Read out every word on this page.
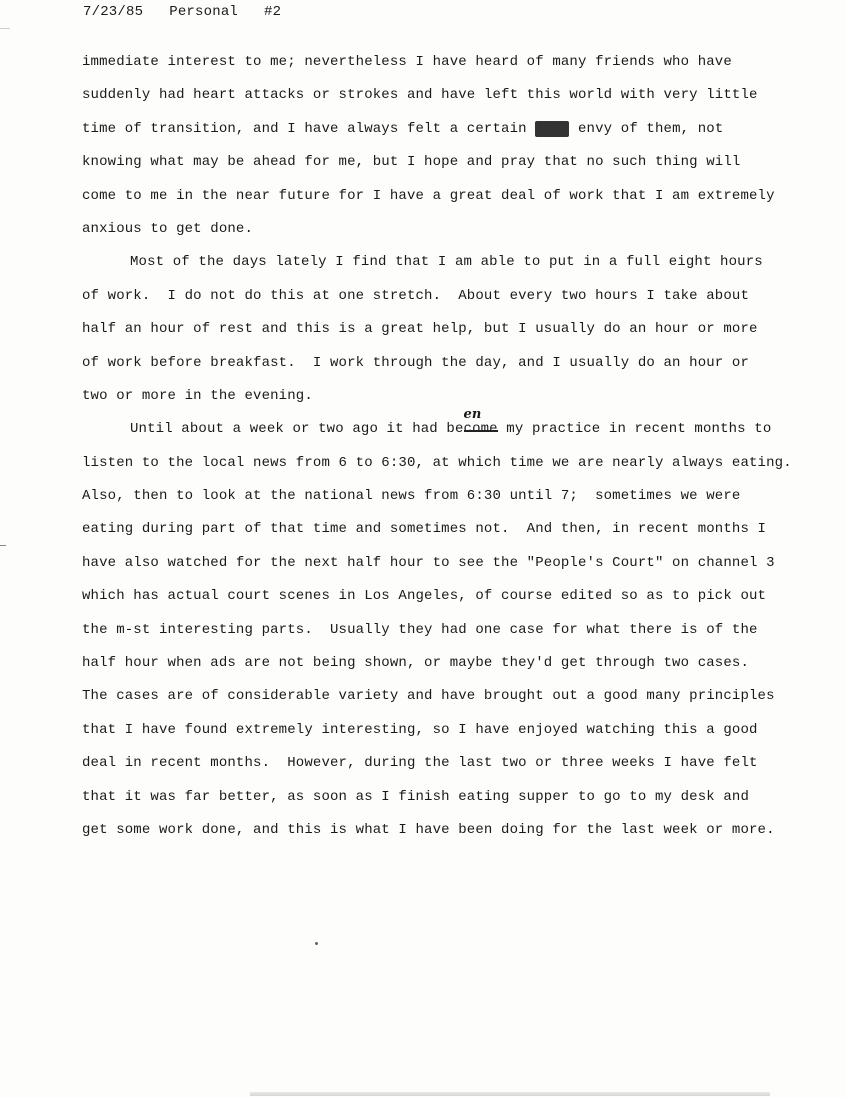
7/23/85 Personal #2
immediate interest to me; nevertheless I have heard of many friends who have
suddenly had heart attacks or strokes and have left this world with very little
time of transition, and I have always felt a certain envy envy of them, not
knowing what may be ahead for me, but I hope and pray that no such thing will
come to me in the near future for I have a great deal of work that I am extremely
anxious to get done.
Most of the days lately I find that I am able to put in a full eight hours
of work.  I do not do this at one stretch.  About every two hours I take about
half an hour of rest and this is a great help, but I usually do an hour or more
of work before breakfast.  I work through the day, and I usually do an hour or
two or more in the evening.
Until about a week or two ago it had become
en
my practice in recent months to
listen to the local news from 6 to 6:30, at which time we are nearly always eating.
Also, then to look at the national news from 6:30 until 7;  sometimes we were
eating during part of that time and sometimes not.  And then, in recent months I
have also watched for the next half hour to see the "People's Court" on channel 3
which has actual court scenes in Los Angeles, of course edited so as to pick out
the m-st interesting parts.  Usually they had one case for what there is of the
half hour when ads are not being shown, or maybe they'd get through two cases.
The cases are of considerable variety and have brought out a good many principles
that I have found extremely interesting, so I have enjoyed watching this a good
deal in recent months.  However, during the last two or three weeks I have felt
that it was far better, as soon as I finish eating supper to go to my desk and
get some work done, and this is what I have been doing for the last week or more.
